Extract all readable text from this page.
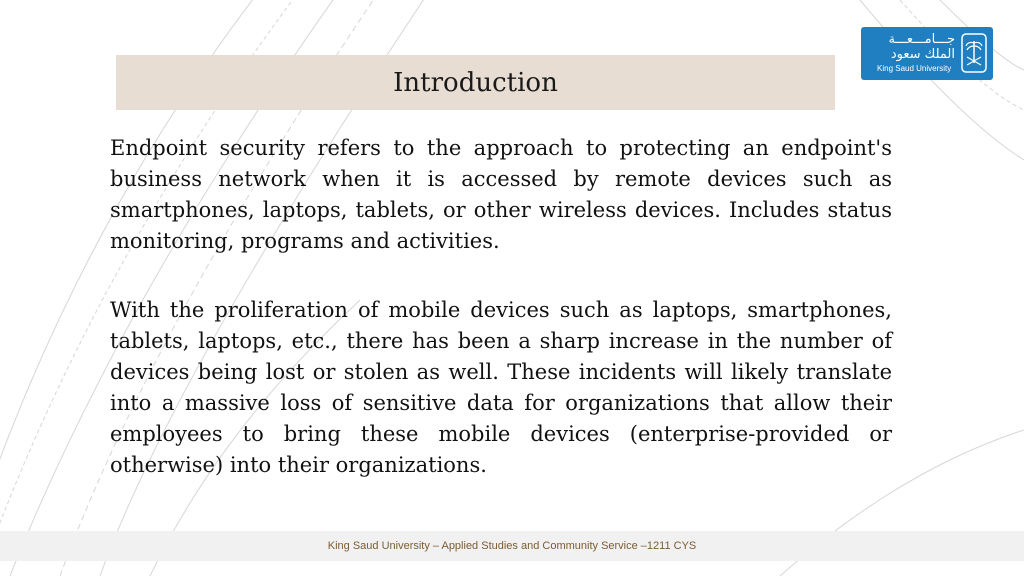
Introduction
جـــامـــعـــة
الملك سعود
King Saud University

Endpoint security refers to the approach to protecting an endpoint's business network when it is accessed by remote devices such as smartphones, laptops, tablets, or other wireless devices. Includes status monitoring, programs and activities.

With the proliferation of mobile devices such as laptops, smartphones, tablets, laptops, etc., there has been a sharp increase in the number of devices being lost or stolen as well. These incidents will likely translate into a massive loss of sensitive data for organizations that allow their employees to bring these mobile devices (enterprise-provided or otherwise) into their organizations.

King Saud University – Applied Studies and Community Service –1211 CYS
